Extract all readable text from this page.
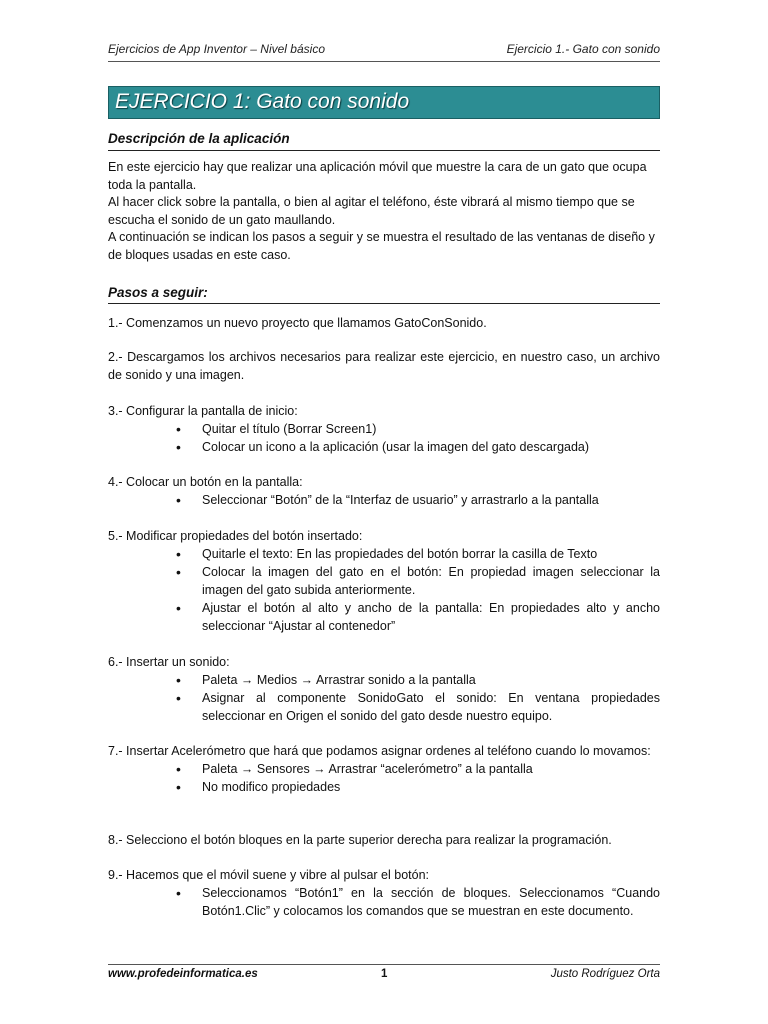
Ejercicios de App Inventor – Nivel básico	Ejercicio 1.- Gato con sonido
EJERCICIO 1: Gato con sonido
Descripción de la aplicación

En este ejercicio hay que realizar una aplicación móvil que muestre la cara de un gato que ocupa toda la pantalla.

Al hacer click sobre la pantalla, o bien al agitar el teléfono, éste vibrará al mismo tiempo que se escucha el sonido de un gato maullando.

A continuación se indican los pasos a seguir y se muestra el resultado de las ventanas de diseño y de bloques usadas en este caso.

Pasos a seguir:

1.- Comenzamos un nuevo proyecto que llamamos GatoConSonido.

2.- Descargamos los archivos necesarios para realizar este ejercicio, en nuestro caso, un archivo de sonido y una imagen.

3.- Configurar la pantalla de inicio:

• Quitar el título (Borrar Screen1)
• Colocar un icono a la aplicación (usar la imagen del gato descargada)

4.- Colocar un botón en la pantalla:

• Seleccionar “Botón” de la “Interfaz de usuario” y arrastrarlo a la pantalla

5.- Modificar propiedades del botón insertado:

• Quitarle el texto: En las propiedades del botón borrar la casilla de Texto
• Colocar la imagen del gato en el botón: En propiedad imagen seleccionar la imagen del gato subida anteriormente.
• Ajustar el botón al alto y ancho de la pantalla: En propiedades alto y ancho seleccionar “Ajustar al contenedor”

6.- Insertar un sonido:

• Paleta → Medios → Arrastrar sonido a la pantalla
• Asignar al componente SonidoGato el sonido: En ventana propiedades seleccionar en Origen el sonido del gato desde nuestro equipo.

7.- Insertar Acelerómetro que hará que podamos asignar ordenes al teléfono cuando lo movamos:

• Paleta → Sensores → Arrastrar “acelerómetro” a la pantalla
• No modifico propiedades

8.- Selecciono el botón bloques en la parte superior derecha para realizar la programación.

9.- Hacemos que el móvil suene y vibre al pulsar el botón:

• Seleccionamos “Botón1” en la sección de bloques. Seleccionamos “Cuando Botón1.Clic” y colocamos los comandos que se muestran en este documento.
www.profedeinformatica.es	1	Justo Rodríguez Orta
